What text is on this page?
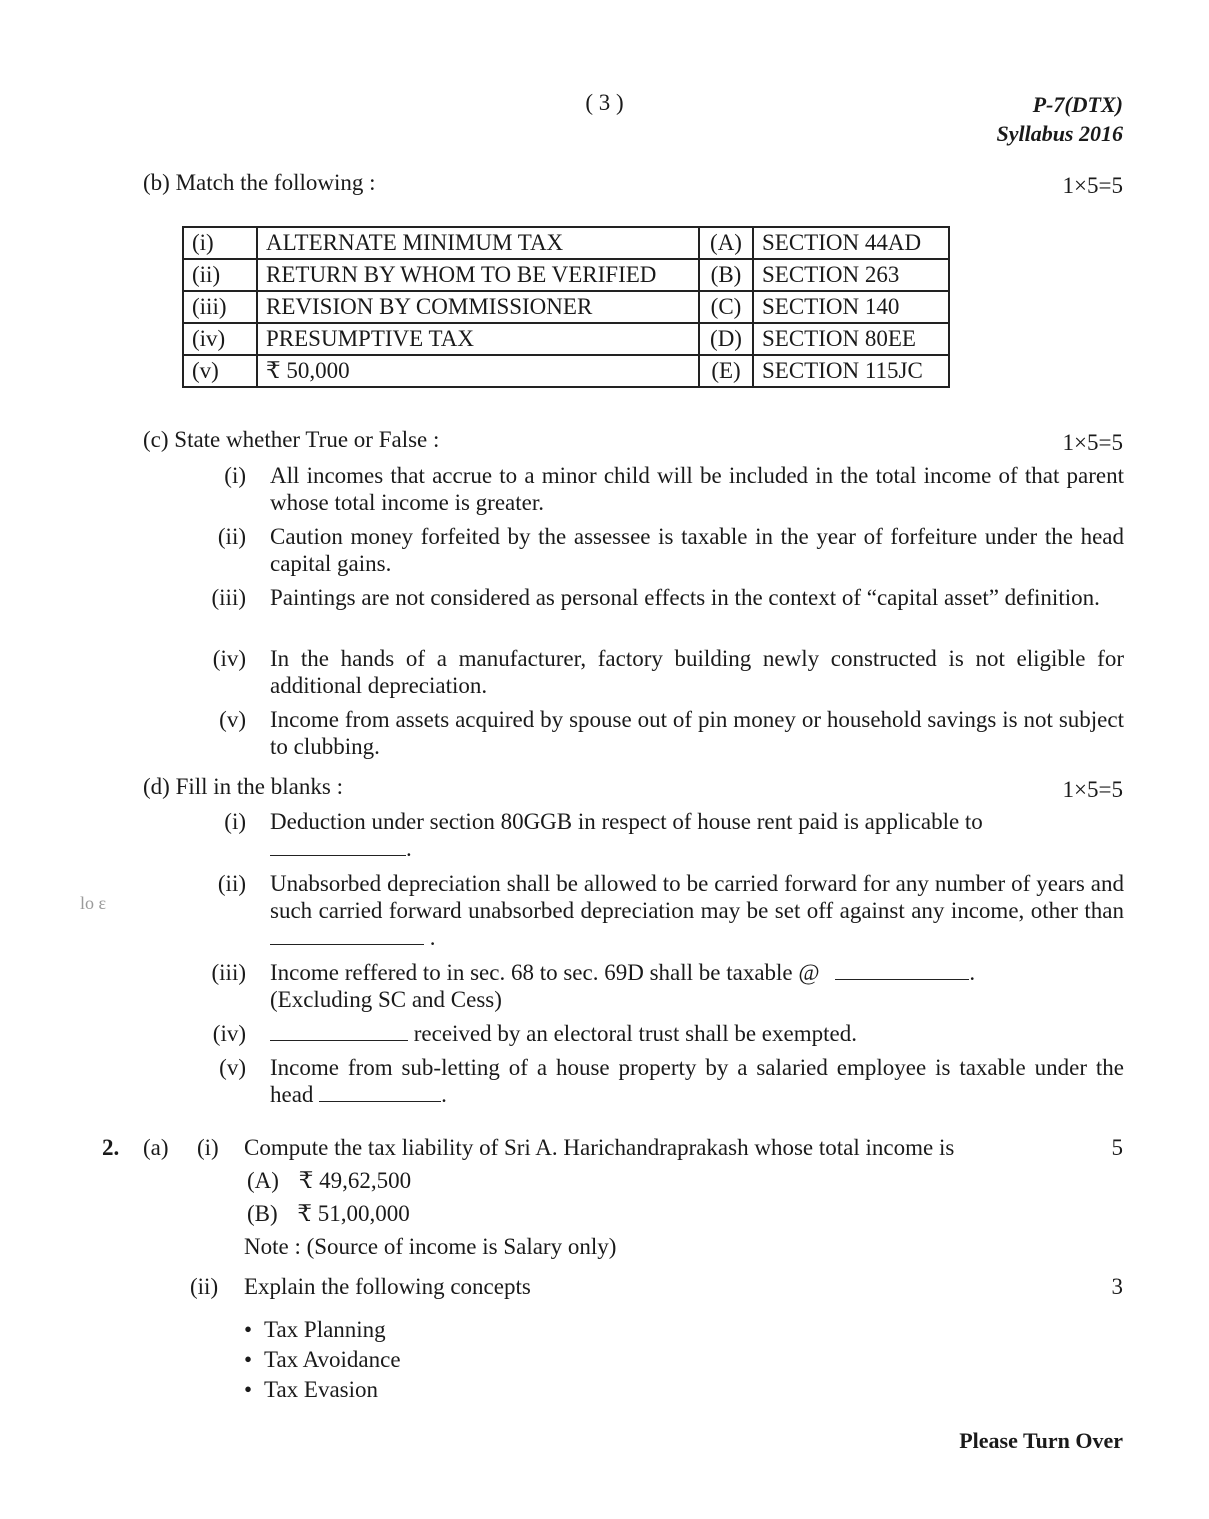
( 3 )	P-7(DTX)
Syllabus 2016
lo ε
(b) Match the following :	1×5=5
(i)	ALTERNATE MINIMUM TAX	(A)	SECTION 44AD
(ii)	RETURN BY WHOM TO BE VERIFIED	(B)	SECTION 263
(iii)	REVISION BY COMMISSIONER	(C)	SECTION 140
(iv)	PRESUMPTIVE TAX	(D)	SECTION 80EE
(v)	₹ 50,000	(E)	SECTION 115JC
(c) State whether True or False :	1×5=5
(i) All incomes that accrue to a minor child will be included in the total income of that parent whose total income is greater.
(ii) Caution money forfeited by the assessee is taxable in the year of forfeiture under the head capital gains.
(iii) Paintings are not considered as personal effects in the context of “capital asset” definition.
(iv) In the hands of a manufacturer, factory building newly constructed is not eligible for additional depreciation.
(v) Income from assets acquired by spouse out of pin money or household savings is not subject to clubbing.
(d) Fill in the blanks :	1×5=5
(i) Deduction under section 80GGB in respect of house rent paid is applicable to
.
(ii) Unabsorbed depreciation shall be allowed to be carried forward for any number of years and such carried forward unabsorbed depreciation may be set off against any income, other than  .
(iii) Income reffered to in sec. 68 to sec. 69D shall be taxable @	.
(Excluding SC and Cess)
(iv)	received by an electoral trust shall be exempted.
(v) Income from sub-letting of a house property by a salaried employee is taxable under the head	.
2. (a) (i) Compute the tax liability of Sri A. Harichandraprakash whose total income is	5
(A) ₹ 49,62,500
(B) ₹ 51,00,000
Note : (Source of income is Salary only)
(ii) Explain the following concepts	3
• Tax Planning
• Tax Avoidance
• Tax Evasion
Please Turn Over
